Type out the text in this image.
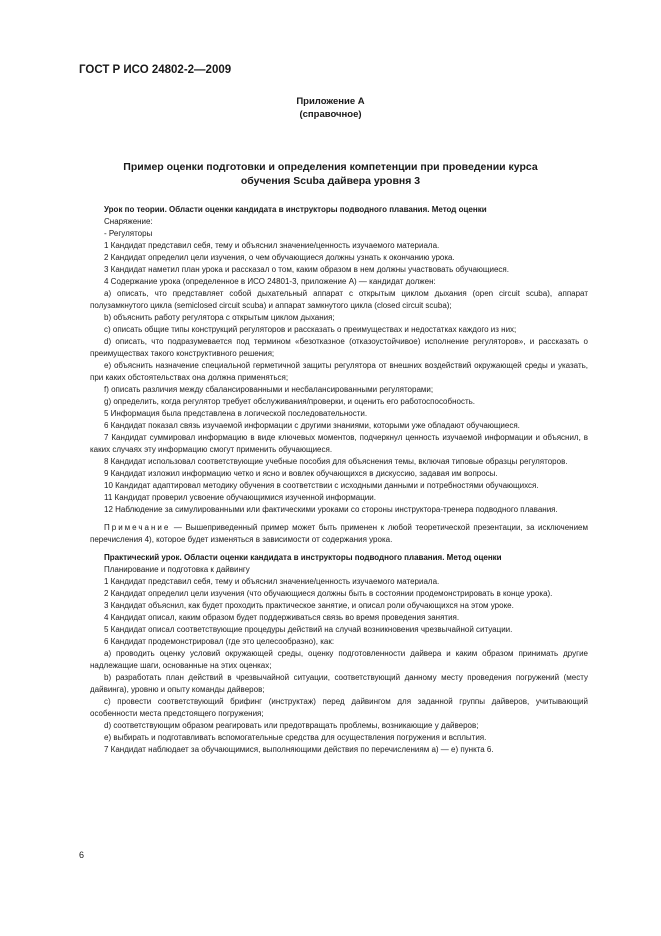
ГОСТ Р ИСО 24802-2—2009
Приложение А
(справочное)
Пример оценки подготовки и определения компетенции при проведении курса
обучения Scuba дайвера уровня 3

Урок по теории. Области оценки кандидата в инструкторы подводного плавания. Метод оценки

Снаряжение:

- Регуляторы

1 Кандидат представил себя, тему и объяснил значение/ценность изучаемого материала.

2 Кандидат определил цели изучения, о чем обучающиеся должны узнать к окончанию урока.

3 Кандидат наметил план урока и рассказал о том, каким образом в нем должны участвовать обучающиеся.

4 Содержание урока (определенное в ИСО 24801-3, приложение А) — кандидат должен:

а) описать, что представляет собой дыхательный аппарат с открытым циклом дыхания (open circuit scuba), аппарат полузамкнутого цикла (semiclosed circuit scuba) и аппарат замкнутого цикла (closed circuit scuba);

b) объяснить работу регулятора с открытым циклом дыхания;

c) описать общие типы конструкций регуляторов и рассказать о преимуществах и недостатках каждого из них;

d) описать, что подразумевается под термином «безотказное (отказоустойчивое) исполнение регуляторов», и рассказать о преимуществах такого конструктивного решения;

e) объяснить назначение специальной герметичной защиты регулятора от внешних воздействий окружающей среды и указать, при каких обстоятельствах она должна применяться;

f) описать различия между сбалансированными и несбалансированными регуляторами;

g) определить, когда регулятор требует обслуживания/проверки, и оценить его работоспособность.

5 Информация была представлена в логической последовательности.

6 Кандидат показал связь изучаемой информации с другими знаниями, которыми уже обладают обучающиеся.

7 Кандидат суммировал информацию в виде ключевых моментов, подчеркнул ценность изучаемой информации и объяснил, в каких случаях эту информацию смогут применить обучающиеся.

8 Кандидат использовал соответствующие учебные пособия для объяснения темы, включая типовые образцы регуляторов.

9 Кандидат изложил информацию четко и ясно и вовлек обучающихся в дискуссию, задавая им вопросы.

10 Кандидат адаптировал методику обучения в соответствии с исходными данными и потребностями обучающихся.

11 Кандидат проверил усвоение обучающимися изученной информации.

12 Наблюдение за симулированными или фактическими уроками со стороны инструктора-тренера подводного плавания.

Примечание — Вышеприведенный пример может быть применен к любой теоретической презентации, за исключением перечисления 4), которое будет изменяться в зависимости от содержания урока.

Практический урок. Области оценки кандидата в инструкторы подводного плавания. Метод оценки

Планирование и подготовка к дайвингу

1 Кандидат представил себя, тему и объяснил значение/ценность изучаемого материала.

2 Кандидат определил цели изучения (что обучающиеся должны быть в состоянии продемонстрировать в конце урока).

3 Кандидат объяснил, как будет проходить практическое занятие, и описал роли обучающихся на этом уроке.

4 Кандидат описал, каким образом будет поддерживаться связь во время проведения занятия.

5 Кандидат описал соответствующие процедуры действий на случай возникновения чрезвычайной ситуации.

6 Кандидат продемонстрировал (где это целесообразно), как:

а) проводить оценку условий окружающей среды, оценку подготовленности дайвера и каким образом принимать другие надлежащие шаги, основанные на этих оценках;

b) разработать план действий в чрезвычайной ситуации, соответствующий данному месту проведения погружений (месту дайвинга), уровню и опыту команды дайверов;

c) провести соответствующий брифинг (инструктаж) перед дайвингом для заданной группы дайверов, учитывающий особенности места предстоящего погружения;

d) соответствующим образом реагировать или предотвращать проблемы, возникающие у дайверов;

e) выбирать и подготавливать вспомогательные средства для осуществления погружения и всплытия.

7 Кандидат наблюдает за обучающимися, выполняющими действия по перечислениям а) — е) пункта 6.

6
